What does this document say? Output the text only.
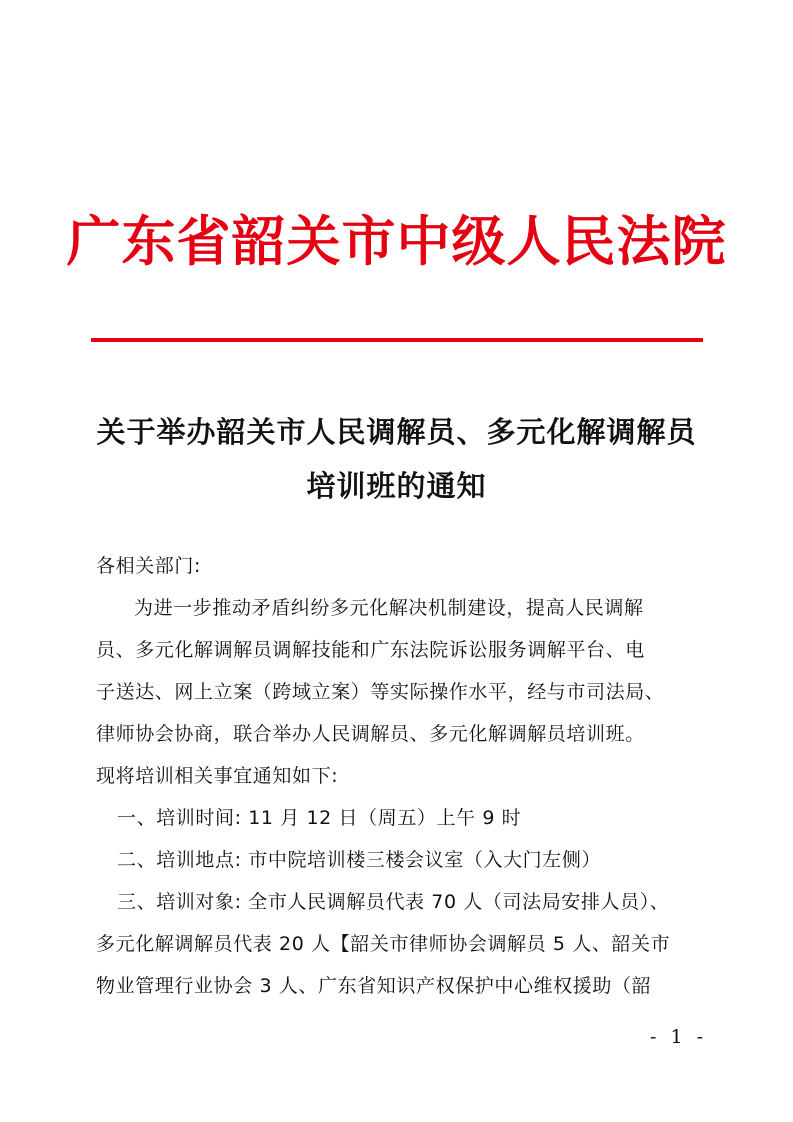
广东省韶关市中级人民法院
关于举办韶关市人民调解员、多元化解调解员
培训班的通知
各相关部门:
为进一步推动矛盾纠纷多元化解决机制建设，提高人民调解
员、多元化解调解员调解技能和广东法院诉讼服务调解平台、电
子送达、网上立案（跨域立案）等实际操作水平，经与市司法局、
律师协会协商，联合举办人民调解员、多元化解调解员培训班。
现将培训相关事宜通知如下:
一、培训时间: 11 月 12 日（周五）上午 9 时
二、培训地点: 市中院培训楼三楼会议室（入大门左侧）
三、培训对象: 全市人民调解员代表 70 人（司法局安排人员）、
多元化解调解员代表 20 人【韶关市律师协会调解员 5 人、韶关市
物业管理行业协会 3 人、广东省知识产权保护中心维权援助（韶
- 1 -
